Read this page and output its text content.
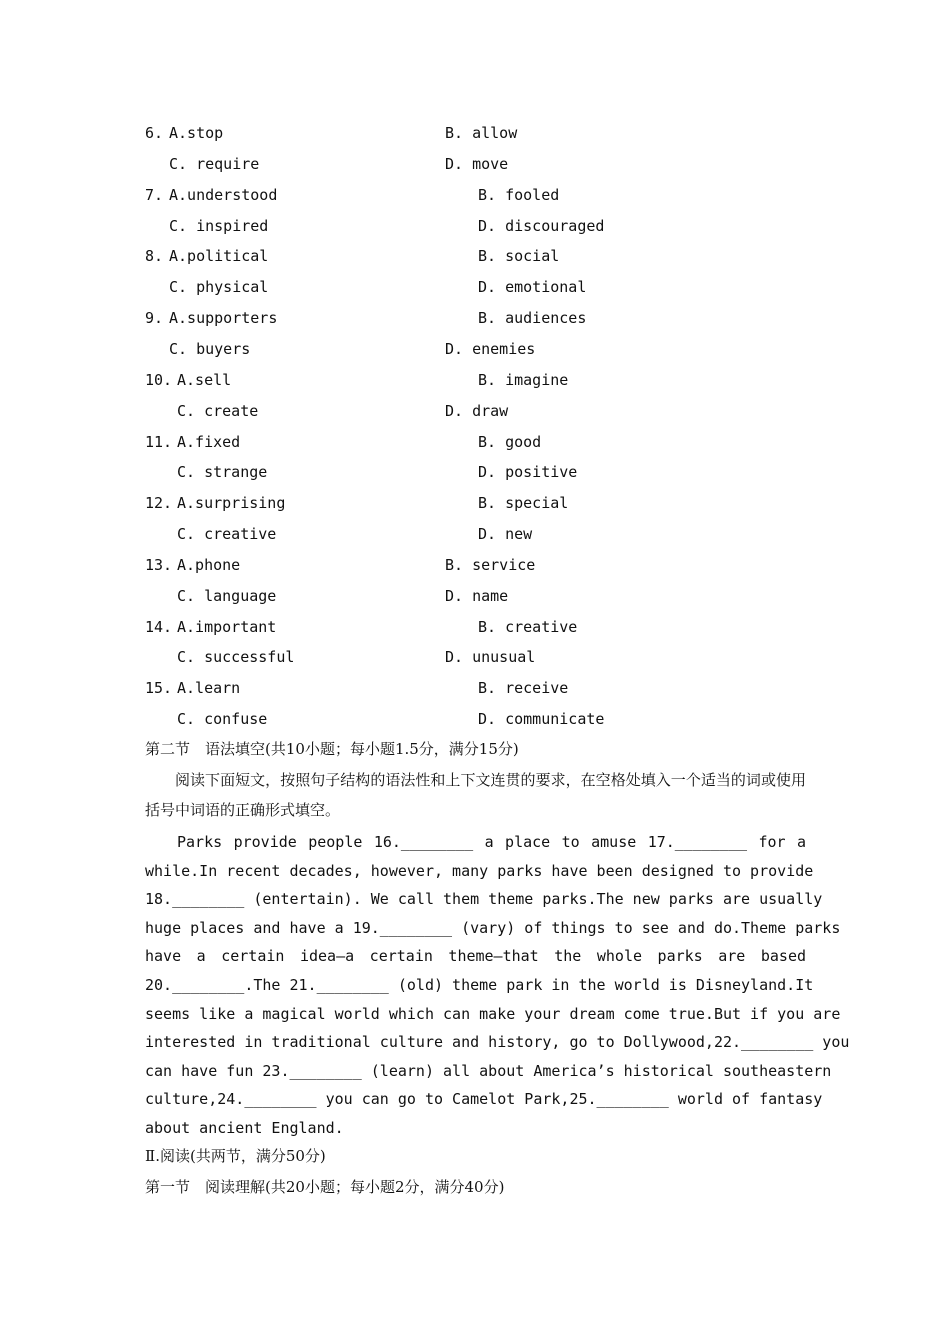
6. A.stop	B. allow
C. require	D. move
7. A.understood	B. fooled
C. inspired	D. discouraged
8. A.political	B. social
C. physical	D. emotional
9. A.supporters	B. audiences
C. buyers	D. enemies
10. A.sell	B. imagine
C. create	D. draw
11. A.fixed	B. good
C. strange	D. positive
12. A.surprising	B. special
C. creative	D. new
13. A.phone	B. service
C. language	D. name
14. A.important	B. creative
C. successful	D. unusual
15. A.learn	B. receive
C. confuse	D. communicate
第二节　语法填空(共10小题；每小题1.5分，满分15分)

阅读下面短文，按照句子结构的语法性和上下文连贯的要求，在空格处填入一个适当的词或使用括号中词语的正确形式填空。

Parks provide people 16.________ a place to amuse 17.________ for a
while.In recent decades, however, many parks have been designed to provide
18.________ (entertain). We call them theme parks.The new parks are usually
huge places and have a 19.________ (vary) of things to see and do.Theme parks
have a certain idea—a certain theme—that the whole parks are based
20.________.The 21.________ (old) theme park in the world is Disneyland.It
seems like a magical world which can make your dream come true.But if you are
interested in traditional culture and history, go to Dollywood,22.________ you
can have fun 23.________ (learn) all about America’s historical southeastern
culture,24.________ you can go to Camelot Park,25.________ world of fantasy
about ancient England.
Ⅱ.阅读(共两节，满分50分)
第一节　阅读理解(共20小题；每小题2分，满分40分)
